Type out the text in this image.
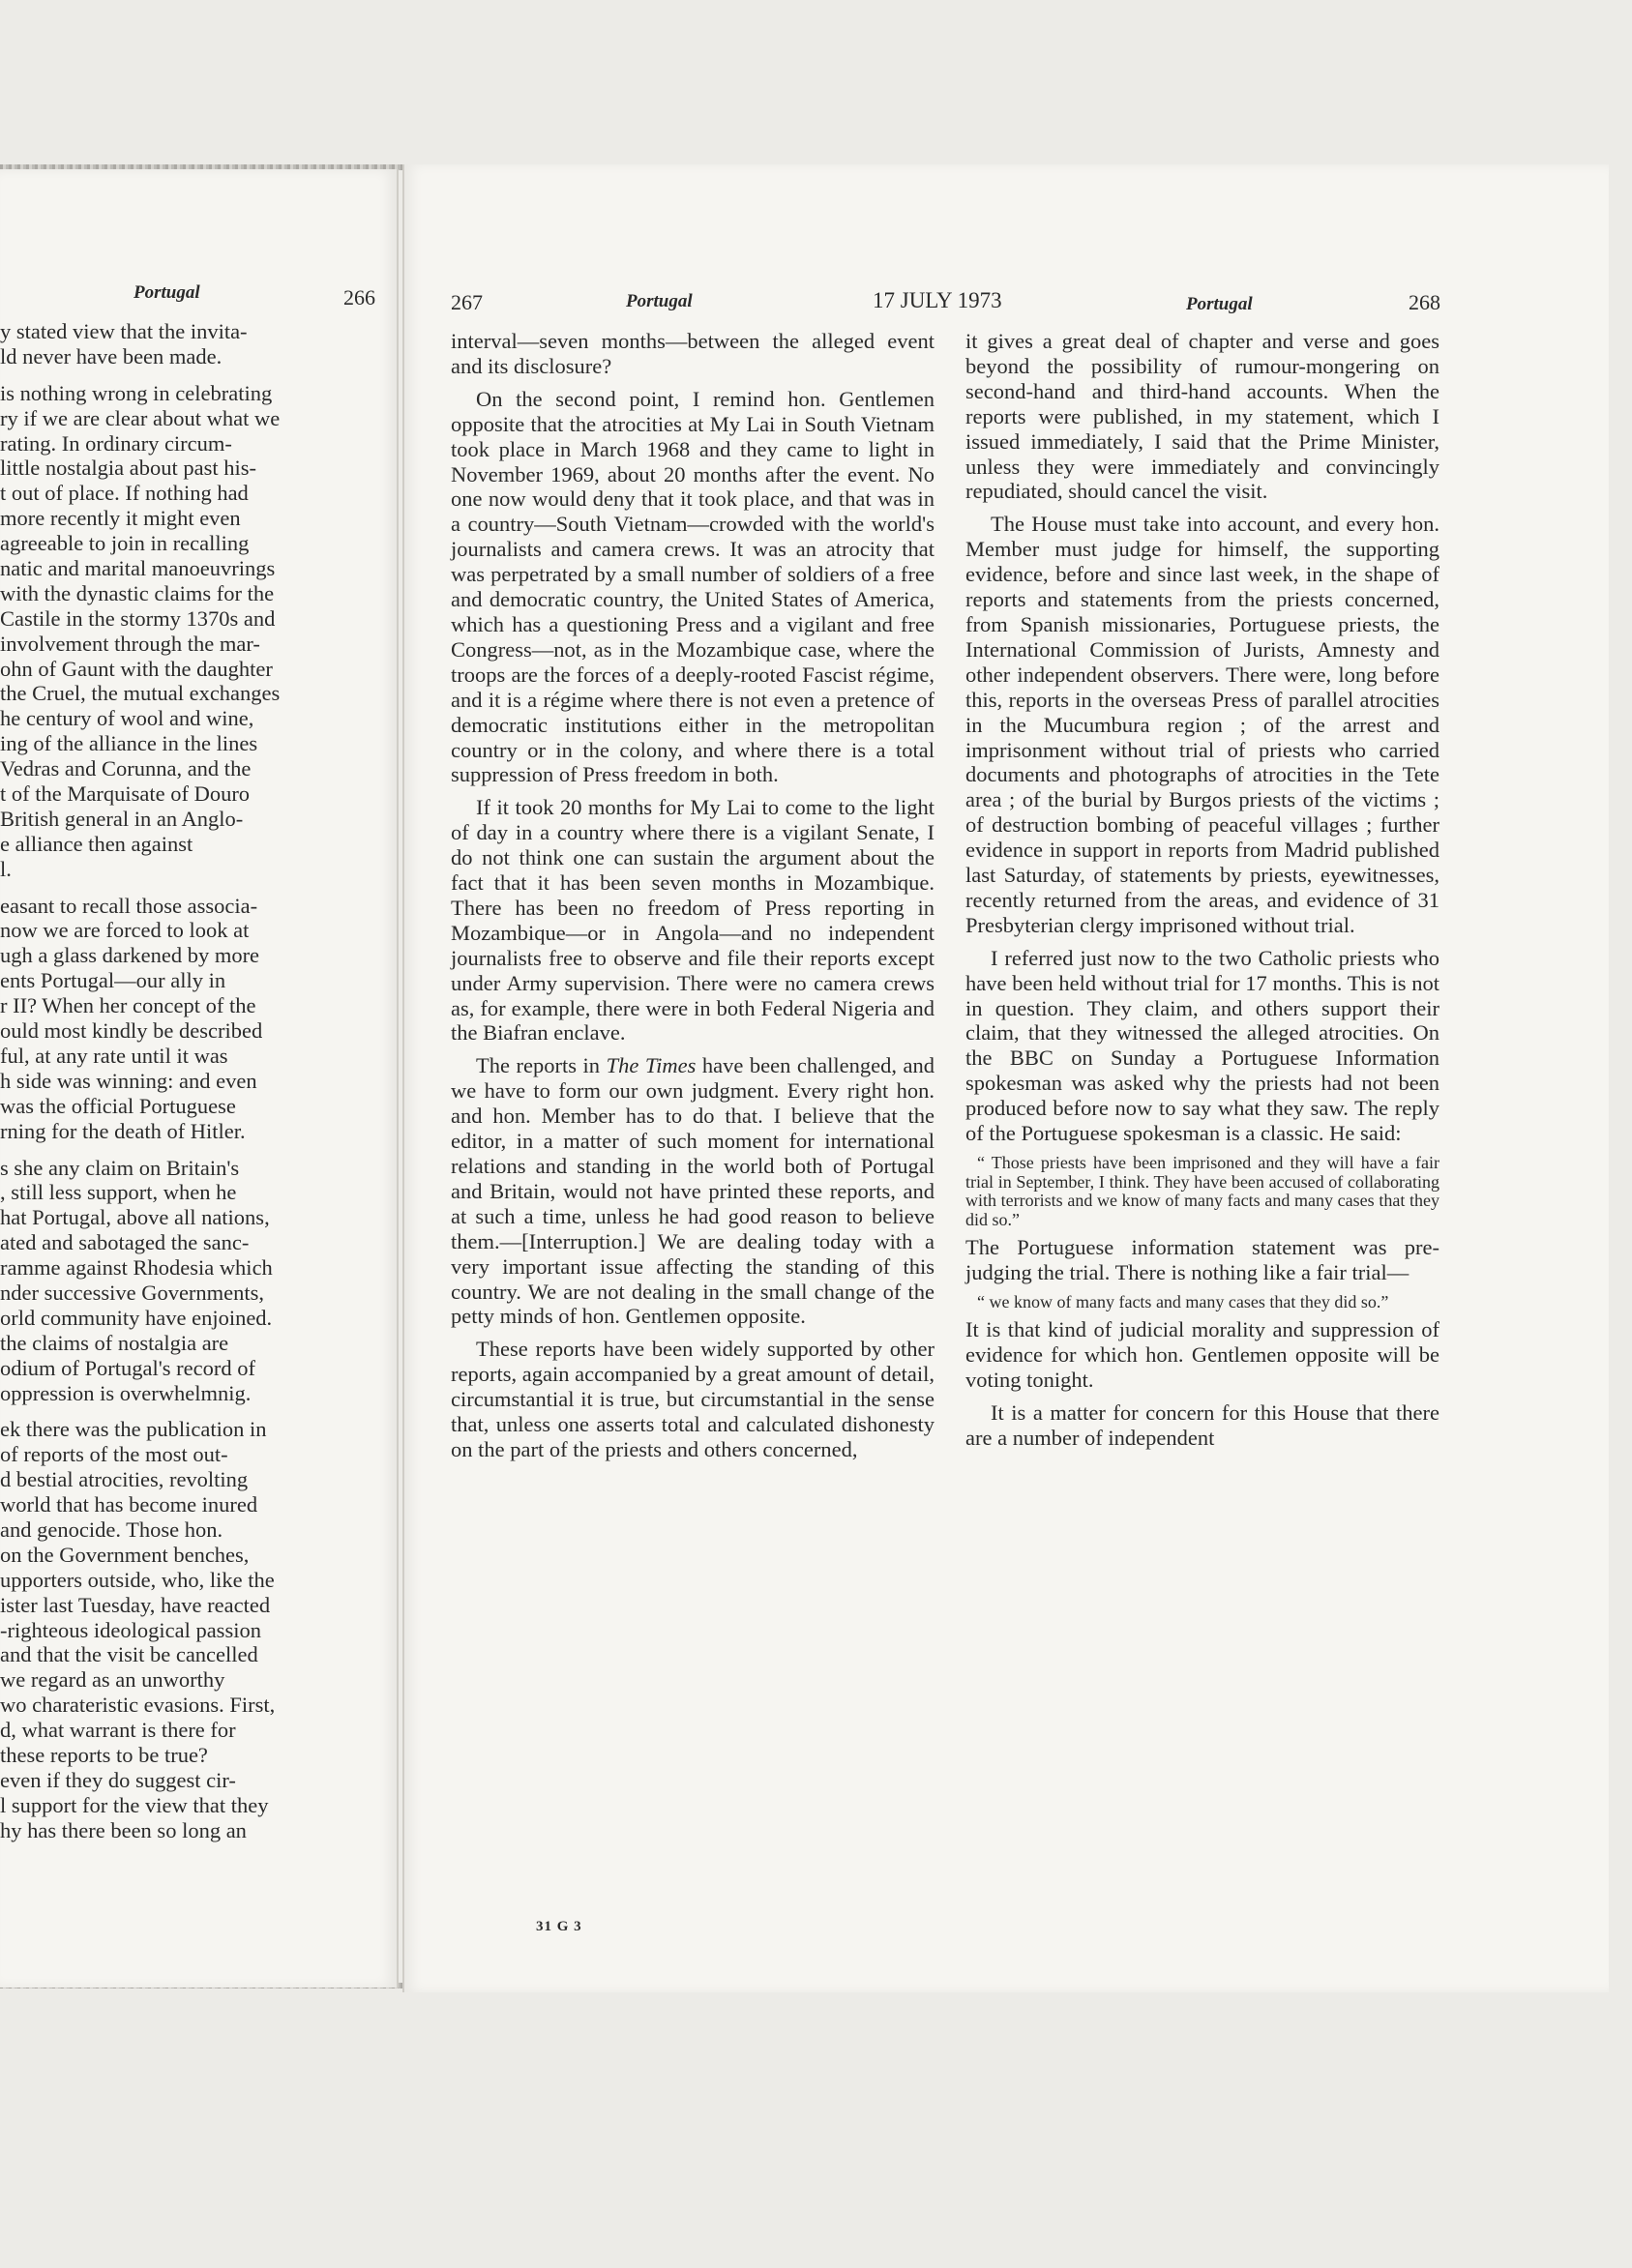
Portugal	266
y stated view that the invita-
ld never have been made.
is nothing wrong in celebrating
ry if we are clear about what we
rating. In ordinary circum-
little nostalgia about past his-
t out of place. If nothing had
more recently it might even
agreeable to join in recalling
natic and marital manoeuvrings
with the dynastic claims for the
Castile in the stormy 1370s and
involvement through the mar-
ohn of Gaunt with the daughter
the Cruel, the mutual exchanges
he century of wool and wine,
ing of the alliance in the lines
Vedras and Corunna, and the
t of the Marquisate of Douro
British general in an Anglo-
e alliance then against
l.
easant to recall those associa-
now we are forced to look at
ugh a glass darkened by more
ents Portugal—our ally in
r II? When her concept of the
ould most kindly be described
ful, at any rate until it was
h side was winning: and even
was the official Portuguese
rning for the death of Hitler.
s she any claim on Britain's
, still less support, when he
hat Portugal, above all nations,
ated and sabotaged the sanc-
ramme against Rhodesia which
nder successive Governments,
orld community have enjoined.
the claims of nostalgia are
odium of Portugal's record of
oppression is overwhelmnig.
ek there was the publication in
of reports of the most out-
d bestial atrocities, revolting
world that has become inured
and genocide. Those hon.
on the Government benches,
upporters outside, who, like the
ister last Tuesday, have reacted
-righteous ideological passion
and that the visit be cancelled
we regard as an unworthy
wo charateristic evasions. First,
d, what warrant is there for
these reports to be true?
even if they do suggest cir-
l support for the view that they
hy has there been so long an
267	Portugal	17 JULY 1973	Portugal	268

interval—seven months—between the alleged event and its disclosure?

On the second point, I remind hon. Gentlemen opposite that the atrocities at My Lai in South Vietnam took place in March 1968 and they came to light in November 1969, about 20 months after the event. No one now would deny that it took place, and that was in a country—South Vietnam—crowded with the world's journalists and camera crews. It was an atrocity that was perpetrated by a small number of soldiers of a free and democratic country, the United States of America, which has a questioning Press and a vigilant and free Congress—not, as in the Mozambique case, where the troops are the forces of a deeply-rooted Fascist régime, and it is a régime where there is not even a pretence of democratic institutions either in the metropolitan country or in the colony, and where there is a total suppression of Press freedom in both.

If it took 20 months for My Lai to come to the light of day in a country where there is a vigilant Senate, I do not think one can sustain the argument about the fact that it has been seven months in Mozambique. There has been no freedom of Press reporting in Mozambique—or in Angola—and no independent journalists free to observe and file their reports except under Army supervision. There were no camera crews as, for example, there were in both Federal Nigeria and the Biafran enclave.

The reports in The Times have been challenged, and we have to form our own judgment. Every right hon. and hon. Member has to do that. I believe that the editor, in a matter of such moment for international relations and standing in the world both of Portugal and Britain, would not have printed these reports, and at such a time, unless he had good reason to believe them.—[Interruption.] We are dealing today with a very important issue affecting the standing of this country. We are not dealing in the small change of the petty minds of hon. Gentlemen opposite.

These reports have been widely supported by other reports, again accompanied by a great amount of detail, circumstantial it is true, but circumstantial in the sense that, unless one asserts total and calculated dishonesty on the part of the priests and others concerned,

it gives a great deal of chapter and verse and goes beyond the possibility of rumour-mongering on second-hand and third-hand accounts. When the reports were published, in my statement, which I issued immediately, I said that the Prime Minister, unless they were immediately and convincingly repudiated, should cancel the visit.

The House must take into account, and every hon. Member must judge for himself, the supporting evidence, before and since last week, in the shape of reports and statements from the priests concerned, from Spanish missionaries, Portuguese priests, the International Commission of Jurists, Amnesty and other independent observers. There were, long before this, reports in the overseas Press of parallel atrocities in the Mucumbura region ; of the arrest and imprisonment without trial of priests who carried documents and photographs of atrocities in the Tete area ; of the burial by Burgos priests of the victims ; of destruction bombing of peaceful villages ; further evidence in support in reports from Madrid published last Saturday, of statements by priests, eyewitnesses, recently returned from the areas, and evidence of 31 Presbyterian clergy imprisoned without trial.

I referred just now to the two Catholic priests who have been held without trial for 17 months. This is not in question. They claim, and others support their claim, that they witnessed the alleged atrocities. On the BBC on Sunday a Portuguese Information spokesman was asked why the priests had not been produced before now to say what they saw. The reply of the Portuguese spokesman is a classic. He said:

“ Those priests have been imprisoned and they will have a fair trial in September, I think. They have been accused of collaborating with terrorists and we know of many facts and many cases that they did so.”

The Portuguese information statement was pre-judging the trial. There is nothing like a fair trial—

“ we know of many facts and many cases that they did so.”

It is that kind of judicial morality and suppression of evidence for which hon. Gentlemen opposite will be voting tonight.

It is a matter for concern for this House that there are a number of independent

31 G 3
